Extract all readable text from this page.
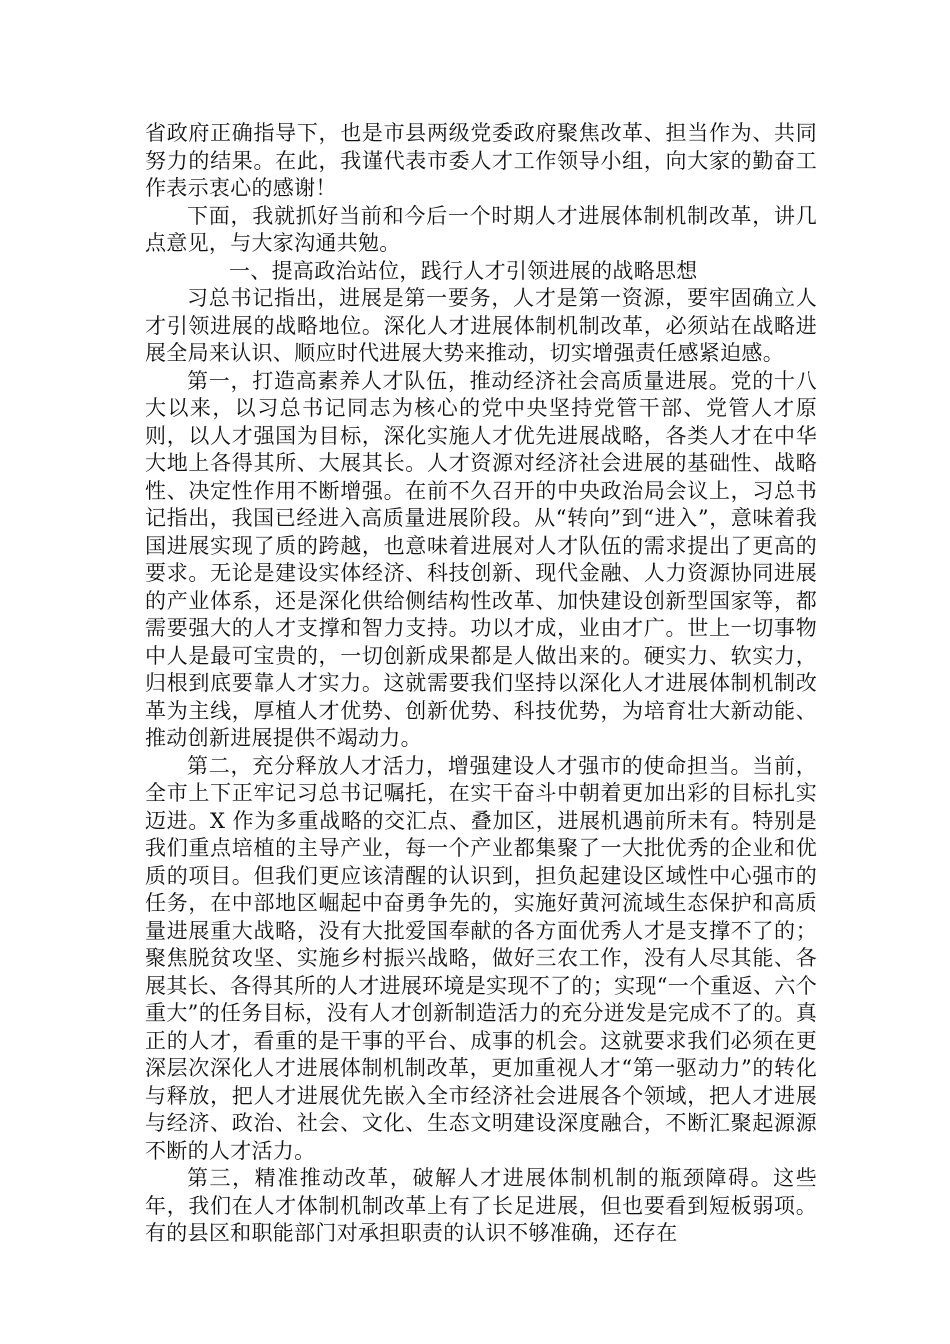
省政府正确指导下，也是市县两级党委政府聚焦改革、担当作为、共同努力的结果。在此，我谨代表市委人才工作领导小组，向大家的勤奋工作表示衷心的感谢！

下面，我就抓好当前和今后一个时期人才进展体制机制改革，讲几点意见，与大家沟通共勉。

一、提高政治站位，践行人才引领进展的战略思想

习总书记指出，进展是第一要务，人才是第一资源，要牢固确立人才引领进展的战略地位。深化人才进展体制机制改革，必须站在战略进展全局来认识、顺应时代进展大势来推动，切实增强责任感紧迫感。

第一，打造高素养人才队伍，推动经济社会高质量进展。党的十八大以来，以习总书记同志为核心的党中央坚持党管干部、党管人才原则，以人才强国为目标，深化实施人才优先进展战略，各类人才在中华大地上各得其所、大展其长。人才资源对经济社会进展的基础性、战略性、决定性作用不断增强。在前不久召开的中央政治局会议上，习总书记指出，我国已经进入高质量进展阶段。从“转向”到“进入”，意味着我国进展实现了质的跨越，也意味着进展对人才队伍的需求提出了更高的要求。无论是建设实体经济、科技创新、现代金融、人力资源协同进展的产业体系，还是深化供给侧结构性改革、加快建设创新型国家等，都需要强大的人才支撑和智力支持。功以才成，业由才广。世上一切事物中人是最可宝贵的，一切创新成果都是人做出来的。硬实力、软实力，归根到底要靠人才实力。这就需要我们坚持以深化人才进展体制机制改革为主线，厚植人才优势、创新优势、科技优势，为培育壮大新动能、推动创新进展提供不竭动力。

第二，充分释放人才活力，增强建设人才强市的使命担当。当前，全市上下正牢记习总书记嘱托，在实干奋斗中朝着更加出彩的目标扎实迈进。X 作为多重战略的交汇点、叠加区，进展机遇前所未有。特别是我们重点培植的主导产业，每一个产业都集聚了一大批优秀的企业和优质的项目。但我们更应该清醒的认识到，担负起建设区域性中心强市的任务，在中部地区崛起中奋勇争先的，实施好黄河流域生态保护和高质量进展重大战略，没有大批爱国奉献的各方面优秀人才是支撑不了的；聚焦脱贫攻坚、实施乡村振兴战略，做好三农工作，没有人尽其能、各展其长、各得其所的人才进展环境是实现不了的；实现“一个重返、六个重大”的任务目标，没有人才创新制造活力的充分迸发是完成不了的。真正的人才，看重的是干事的平台、成事的机会。这就要求我们必须在更深层次深化人才进展体制机制改革，更加重视人才“第一驱动力”的转化与释放，把人才进展优先嵌入全市经济社会进展各个领域，把人才进展与经济、政治、社会、文化、生态文明建设深度融合，不断汇聚起源源不断的人才活力。

第三，精准推动改革，破解人才进展体制机制的瓶颈障碍。这些年，我们在人才体制机制改革上有了长足进展，但也要看到短板弱项。有的县区和职能部门对承担职责的认识不够准确，还存在
